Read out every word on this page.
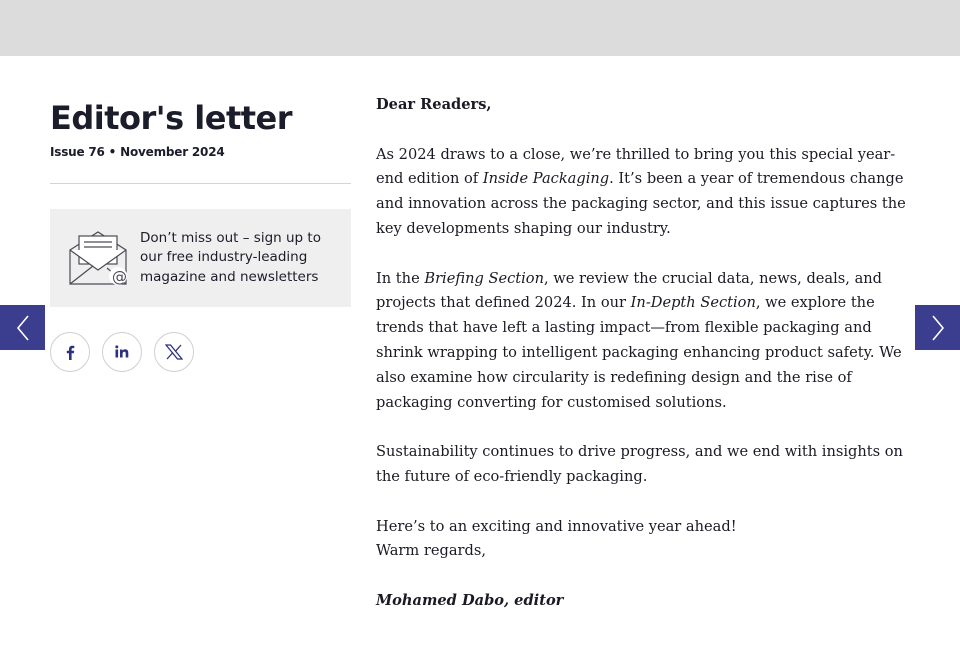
Editor's letter
Issue 76 • November 2024
@
Don’t miss out – sign up to our free industry-leading magazine and newsletters

Dear Readers,

As 2024 draws to a close, we’re thrilled to bring you this special year-end edition of Inside Packaging. It’s been a year of tremendous change and innovation across the packaging sector, and this issue captures the key developments shaping our industry.

In the Briefing Section, we review the crucial data, news, deals, and projects that defined 2024. In our In-Depth Section, we explore the trends that have left a lasting impact—from flexible packaging and shrink wrapping to intelligent packaging enhancing product safety. We also examine how circularity is redefining design and the rise of packaging converting for customised solutions.

Sustainability continues to drive progress, and we end with insights on the future of eco-friendly packaging.

Here’s to an exciting and innovative year ahead!

Warm regards,

Mohamed Dabo, editor
